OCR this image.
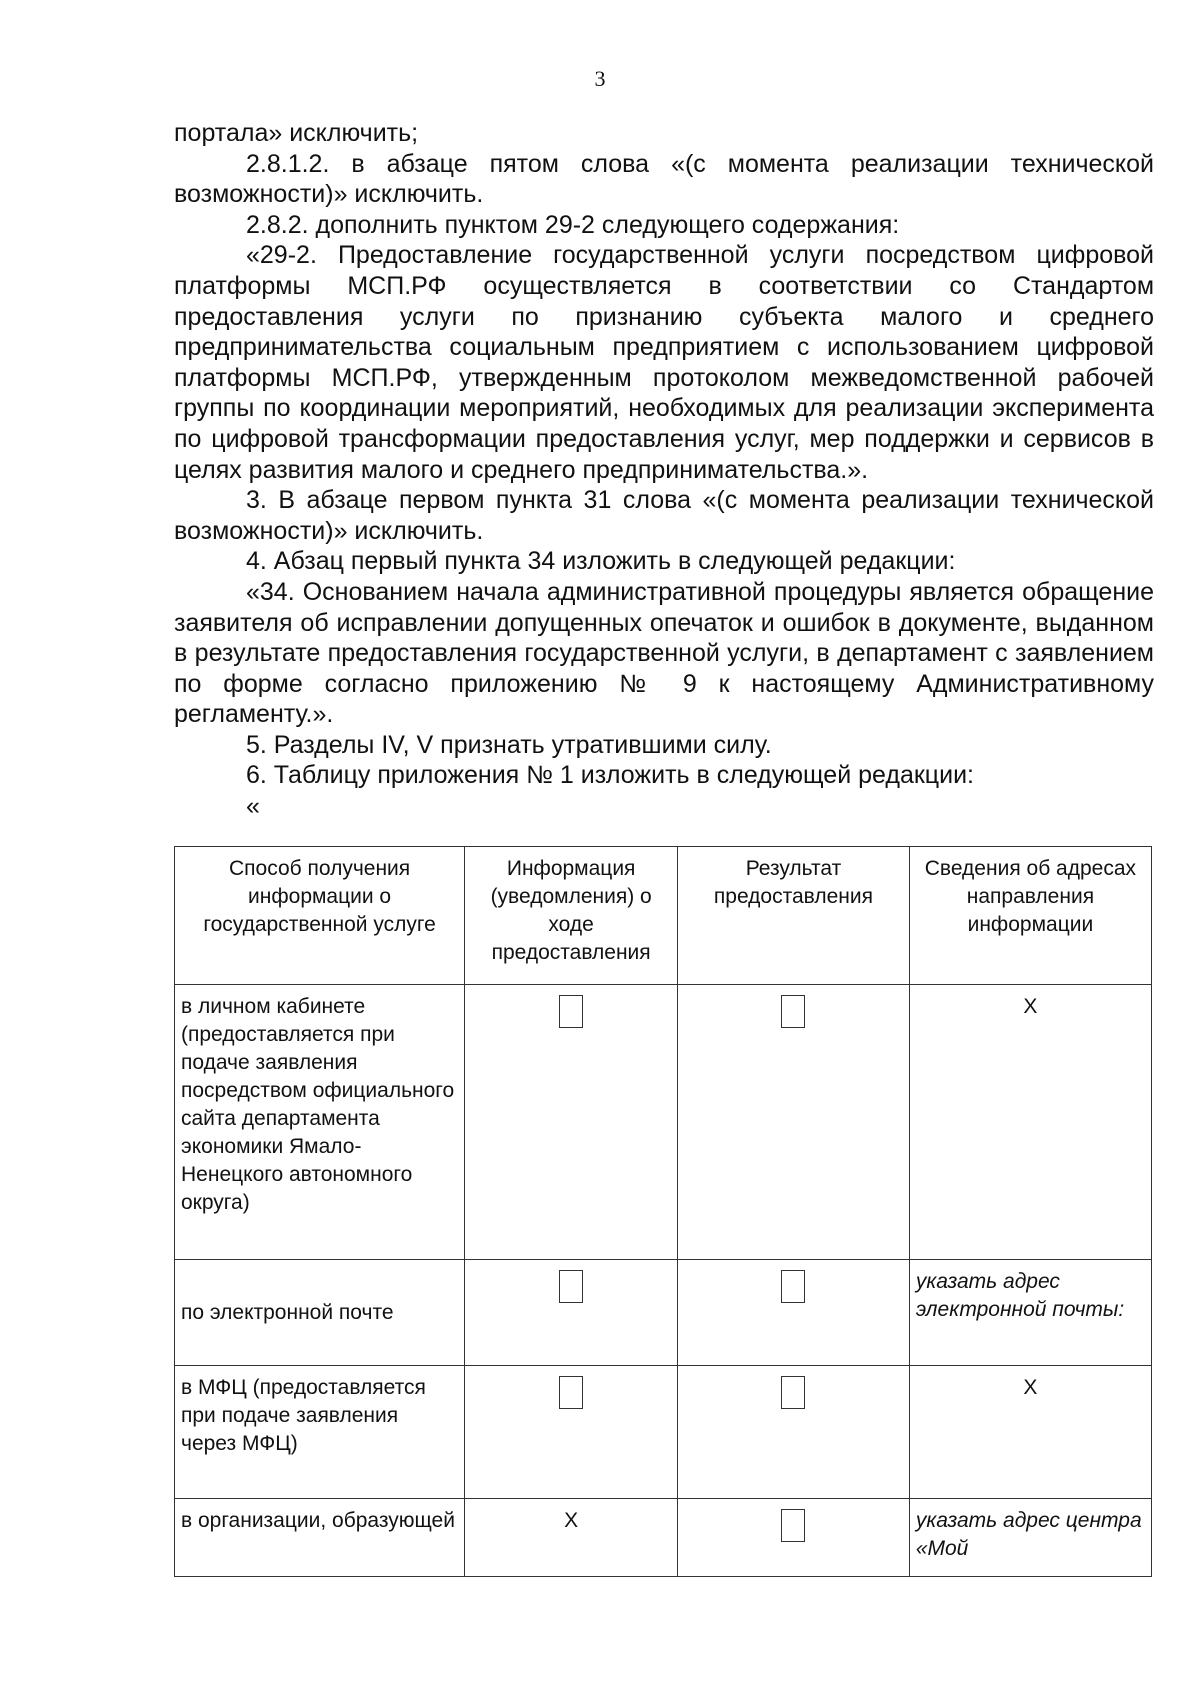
3

портала» исключить;

2.8.1.2. в абзаце пятом слова «(с момента реализации технической возможности)» исключить.

2.8.2. дополнить пунктом 29-2 следующего содержания:

«29-2. Предоставление государственной услуги посредством цифровой платформы МСП.РФ осуществляется в соответствии со Стандартом предоставления услуги по признанию субъекта малого и среднего предпринимательства социальным предприятием с использованием цифровой платформы МСП.РФ, утвержденным протоколом межведомственной рабочей группы по координации мероприятий, необходимых для реализации эксперимента по цифровой трансформации предоставления услуг, мер поддержки и сервисов в целях развития малого и среднего предпринимательства.».

3. В абзаце первом пункта 31 слова «(с момента реализации технической возможности)» исключить.

4. Абзац первый пункта 34 изложить в следующей редакции:

«34. Основанием начала административной процедуры является обращение заявителя об исправлении допущенных опечаток и ошибок в документе, выданном в результате предоставления государственной услуги, в департамент с заявлением по форме согласно приложению № 9 к настоящему Административному регламенту.».

5. Разделы IV, V признать утратившими силу.

6. Таблицу приложения № 1 изложить в следующей редакции:

«

Способ получения информации о государственной услуге	Информация (уведомления) о ходе предоставления	Результат предоставления	Сведения об адресах направления информации
в личном кабинете (предоставляется при подаче заявления посредством официального сайта департамента экономики Ямало-Ненецкого автономного округа)			X
по электронной почте			указать адрес электронной почты:
в МФЦ (предоставляется при подаче заявления через МФЦ)			X
в организации, образующей	X		указать адрес центра «Мой
